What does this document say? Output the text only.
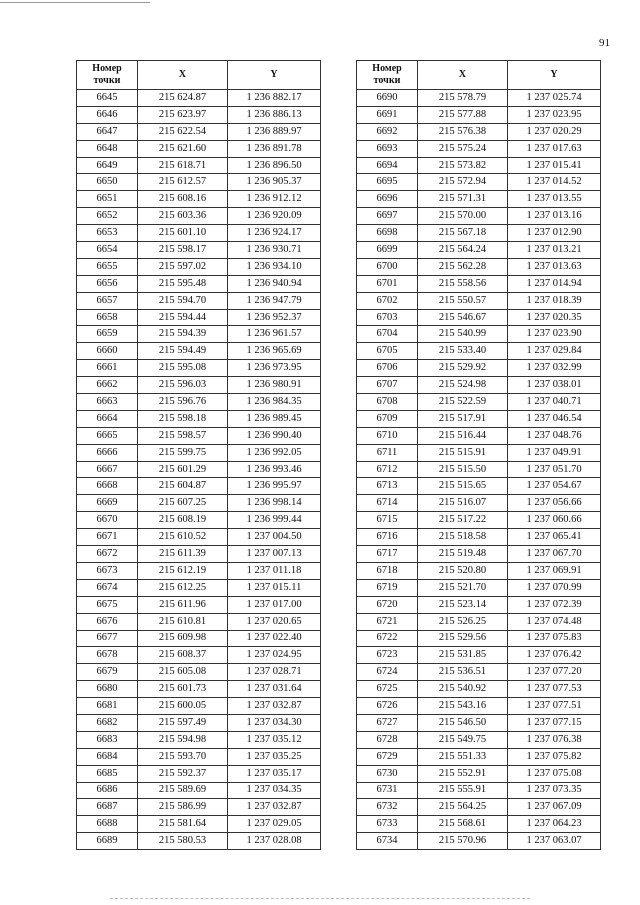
91
Номер
точки	X	Y
6645	215 624.87	1 236 882.17
6646	215 623.97	1 236 886.13
6647	215 622.54	1 236 889.97
6648	215 621.60	1 236 891.78
6649	215 618.71	1 236 896.50
6650	215 612.57	1 236 905.37
6651	215 608.16	1 236 912.12
6652	215 603.36	1 236 920.09
6653	215 601.10	1 236 924.17
6654	215 598.17	1 236 930.71
6655	215 597.02	1 236 934.10
6656	215 595.48	1 236 940.94
6657	215 594.70	1 236 947.79
6658	215 594.44	1 236 952.37
6659	215 594.39	1 236 961.57
6660	215 594.49	1 236 965.69
6661	215 595.08	1 236 973.95
6662	215 596.03	1 236 980.91
6663	215 596.76	1 236 984.35
6664	215 598.18	1 236 989.45
6665	215 598.57	1 236 990.40
6666	215 599.75	1 236 992.05
6667	215 601.29	1 236 993.46
6668	215 604.87	1 236 995.97
6669	215 607.25	1 236 998.14
6670	215 608.19	1 236 999.44
6671	215 610.52	1 237 004.50
6672	215 611.39	1 237 007.13
6673	215 612.19	1 237 011.18
6674	215 612.25	1 237 015.11
6675	215 611.96	1 237 017.00
6676	215 610.81	1 237 020.65
6677	215 609.98	1 237 022.40
6678	215 608.37	1 237 024.95
6679	215 605.08	1 237 028.71
6680	215 601.73	1 237 031.64
6681	215 600.05	1 237 032.87
6682	215 597.49	1 237 034.30
6683	215 594.98	1 237 035.12
6684	215 593.70	1 237 035.25
6685	215 592.37	1 237 035.17
6686	215 589.69	1 237 034.35
6687	215 586.99	1 237 032.87
6688	215 581.64	1 237 029.05
6689	215 580.53	1 237 028.08
Номер
точки	X	Y
6690	215 578.79	1 237 025.74
6691	215 577.88	1 237 023.95
6692	215 576.38	1 237 020.29
6693	215 575.24	1 237 017.63
6694	215 573.82	1 237 015.41
6695	215 572.94	1 237 014.52
6696	215 571.31	1 237 013.55
6697	215 570.00	1 237 013.16
6698	215 567.18	1 237 012.90
6699	215 564.24	1 237 013.21
6700	215 562.28	1 237 013.63
6701	215 558.56	1 237 014.94
6702	215 550.57	1 237 018.39
6703	215 546.67	1 237 020.35
6704	215 540.99	1 237 023.90
6705	215 533.40	1 237 029.84
6706	215 529.92	1 237 032.99
6707	215 524.98	1 237 038.01
6708	215 522.59	1 237 040.71
6709	215 517.91	1 237 046.54
6710	215 516.44	1 237 048.76
6711	215 515.91	1 237 049.91
6712	215 515.50	1 237 051.70
6713	215 515.65	1 237 054.67
6714	215 516.07	1 237 056.66
6715	215 517.22	1 237 060.66
6716	215 518.58	1 237 065.41
6717	215 519.48	1 237 067.70
6718	215 520.80	1 237 069.91
6719	215 521.70	1 237 070.99
6720	215 523.14	1 237 072.39
6721	215 526.25	1 237 074.48
6722	215 529.56	1 237 075.83
6723	215 531.85	1 237 076.42
6724	215 536.51	1 237 077.20
6725	215 540.92	1 237 077.53
6726	215 543.16	1 237 077.51
6727	215 546.50	1 237 077.15
6728	215 549.75	1 237 076.38
6729	215 551.33	1 237 075.82
6730	215 552.91	1 237 075.08
6731	215 555.91	1 237 073.35
6732	215 564.25	1 237 067.09
6733	215 568.61	1 237 064.23
6734	215 570.96	1 237 063.07
